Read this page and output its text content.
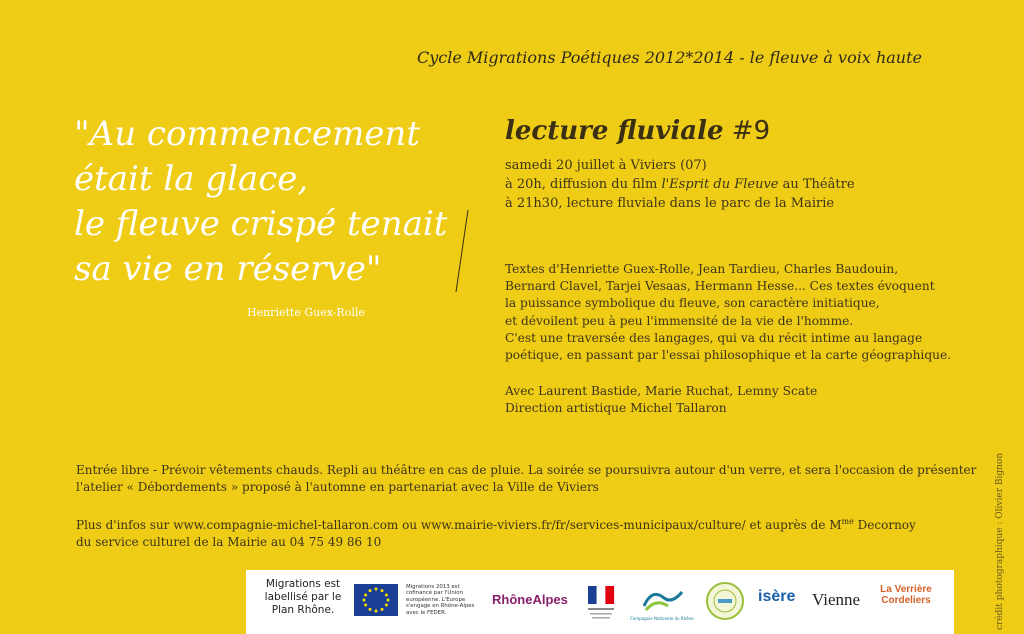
Cycle Migrations Poétiques 2012*2014 - le fleuve à voix haute
"Au commencement
était la glace,
le fleuve crispé tenait
sa vie en réserve"
Henriette Guex-Rolle
lecture fluviale #9
samedi 20 juillet à Viviers (07)
à 20h, diffusion du film l'Esprit du Fleuve au Théâtre
à 21h30, lecture fluviale dans le parc de la Mairie
Textes d'Henriette Guex-Rolle, Jean Tardieu, Charles Baudouin,
Bernard Clavel, Tarjei Vesaas, Hermann Hesse... Ces textes évoquent
la puissance symbolique du fleuve, son caractère initiatique,
et dévoilent peu à peu l'immensité de la vie de l'homme.
C'est une traversée des langages, qui va du récit intime au langage
poétique, en passant par l'essai philosophique et la carte géographique.
Avec Laurent Bastide, Marie Ruchat, Lemny Scate
Direction artistique Michel Tallaron
Entrée libre - Prévoir vêtements chauds. Repli au théâtre en cas de pluie. La soirée se poursuivra autour d'un verre, et sera l'occasion de présenter
l'atelier « Débordements » proposé à l'automne en partenariat avec la Ville de Viviers
Plus d'infos sur www.compagnie-michel-tallaron.com ou www.mairie-viviers.fr/fr/services-municipaux/culture/ et auprès de $M^{me}$ Decornoy
du service culturel de la Mairie au 04 75 49 86 10	crédit photographique : Olivier Bignon
Migrations est labellisé par le Plan Rhône.
Migrations 2013 est cofinancé par l'Union européenne. L'Europe s'engage en Rhône-Alpes avec le FEDER.
RhôneAlpes
Compagnie Nationale du Rhône
isère Vienne
La Verrière Cordeliers
